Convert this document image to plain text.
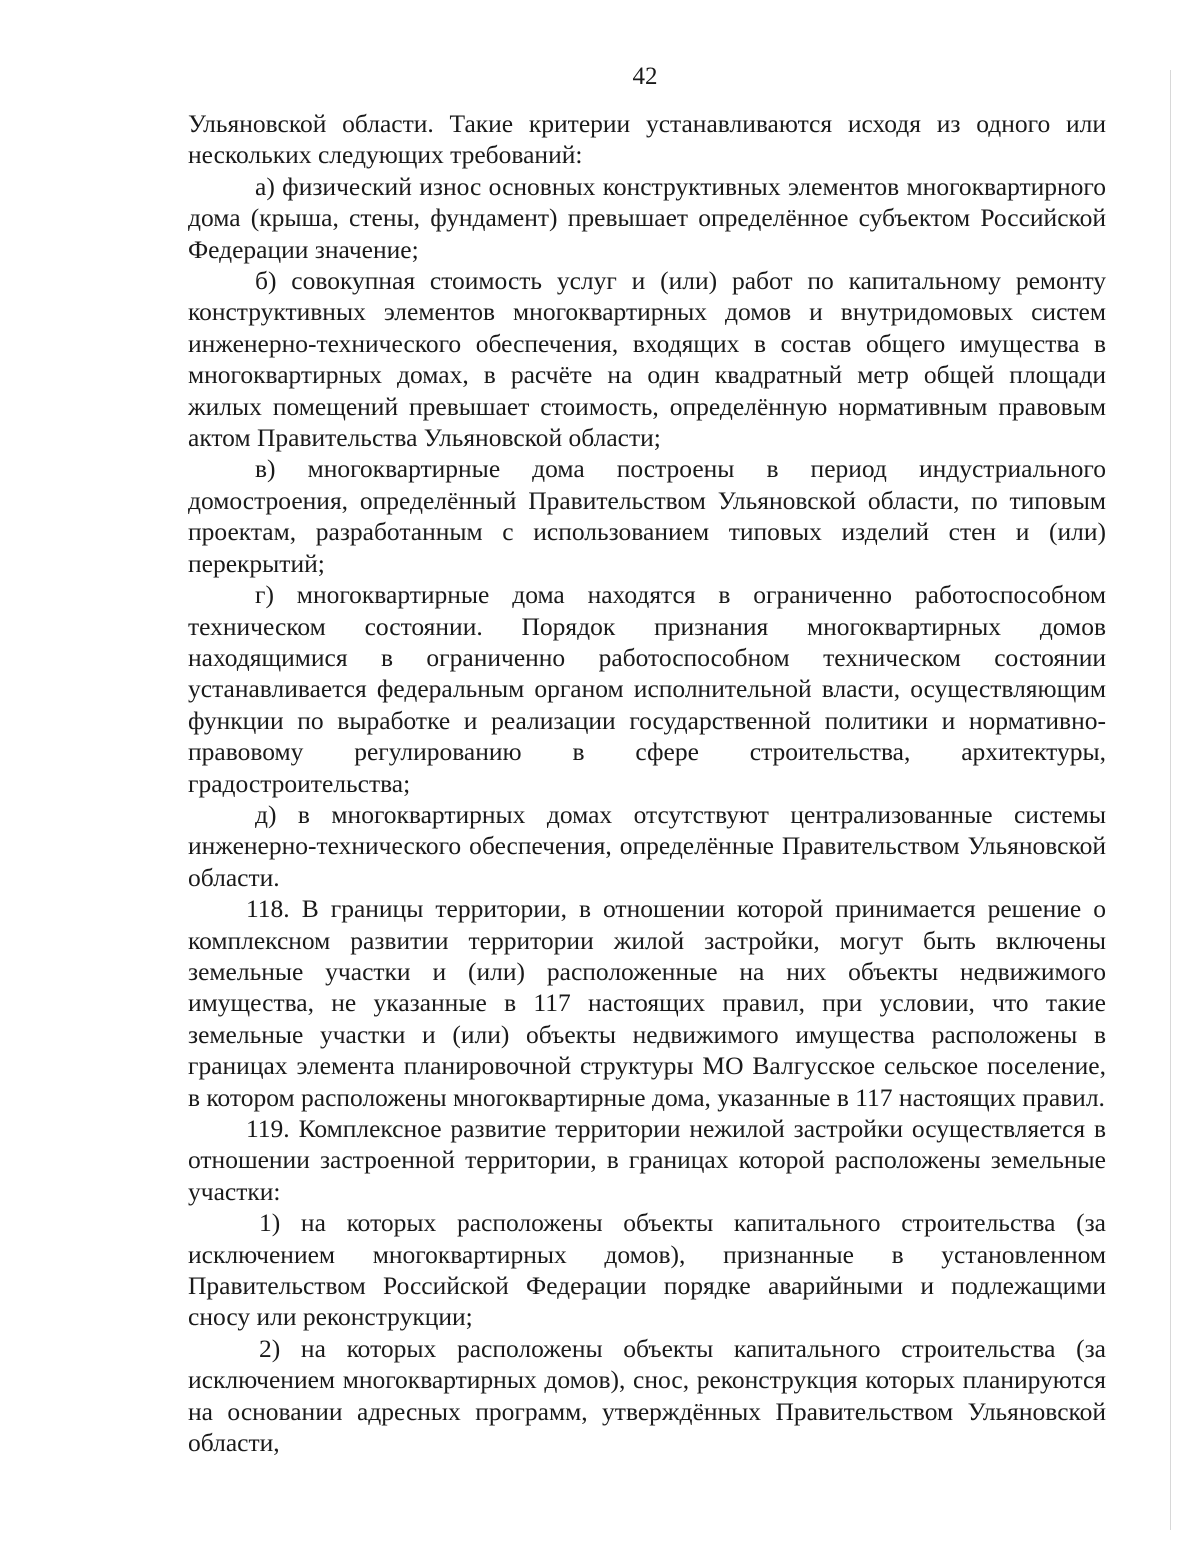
42

Ульяновской области. Такие критерии устанавливаются исходя из одного или нескольких следующих требований:

а) физический износ основных конструктивных элементов многоквартирного дома (крыша, стены, фундамент) превышает определённое субъектом Российской Федерации значение;

б) совокупная стоимость услуг и (или) работ по капитальному ремонту конструктивных элементов многоквартирных домов и внутридомовых систем инженерно-технического обеспечения, входящих в состав общего имущества в многоквартирных домах, в расчёте на один квадратный метр общей площади жилых помещений превышает стоимость, определённую нормативным правовым актом Правительства Ульяновской области;

в) многоквартирные дома построены в период индустриального домостроения, определённый Правительством Ульяновской области, по типовым проектам, разработанным с использованием типовых изделий стен и (или) перекрытий;

г) многоквартирные дома находятся в ограниченно работоспособном техническом состоянии. Порядок признания многоквартирных домов находящимися в ограниченно работоспособном техническом состоянии устанавливается федеральным органом исполнительной власти, осуществляющим функции по выработке и реализации государственной политики и нормативно-правовому регулированию в сфере строительства, архитектуры, градостроительства;

д) в многоквартирных домах отсутствуют централизованные системы инженерно-технического обеспечения, определённые Правительством Ульяновской области.

118. В границы территории, в отношении которой принимается решение о комплексном развитии территории жилой застройки, могут быть включены земельные участки и (или) расположенные на них объекты недвижимого имущества, не указанные в 117 настоящих правил, при условии, что такие земельные участки и (или) объекты недвижимого имущества расположены в границах элемента планировочной структуры МО Валгусское сельское поселение, в котором расположены многоквартирные дома, указанные в 117 настоящих правил.

119. Комплексное развитие территории нежилой застройки осуществляется в отношении застроенной территории, в границах которой расположены земельные участки:

1) на которых расположены объекты капитального строительства (за исключением многоквартирных домов), признанные в установленном Правительством Российской Федерации порядке аварийными и подлежащими сносу или реконструкции;

2) на которых расположены объекты капитального строительства (за исключением многоквартирных домов), снос, реконструкция которых планируются на основании адресных программ, утверждённых Правительством Ульяновской области,
